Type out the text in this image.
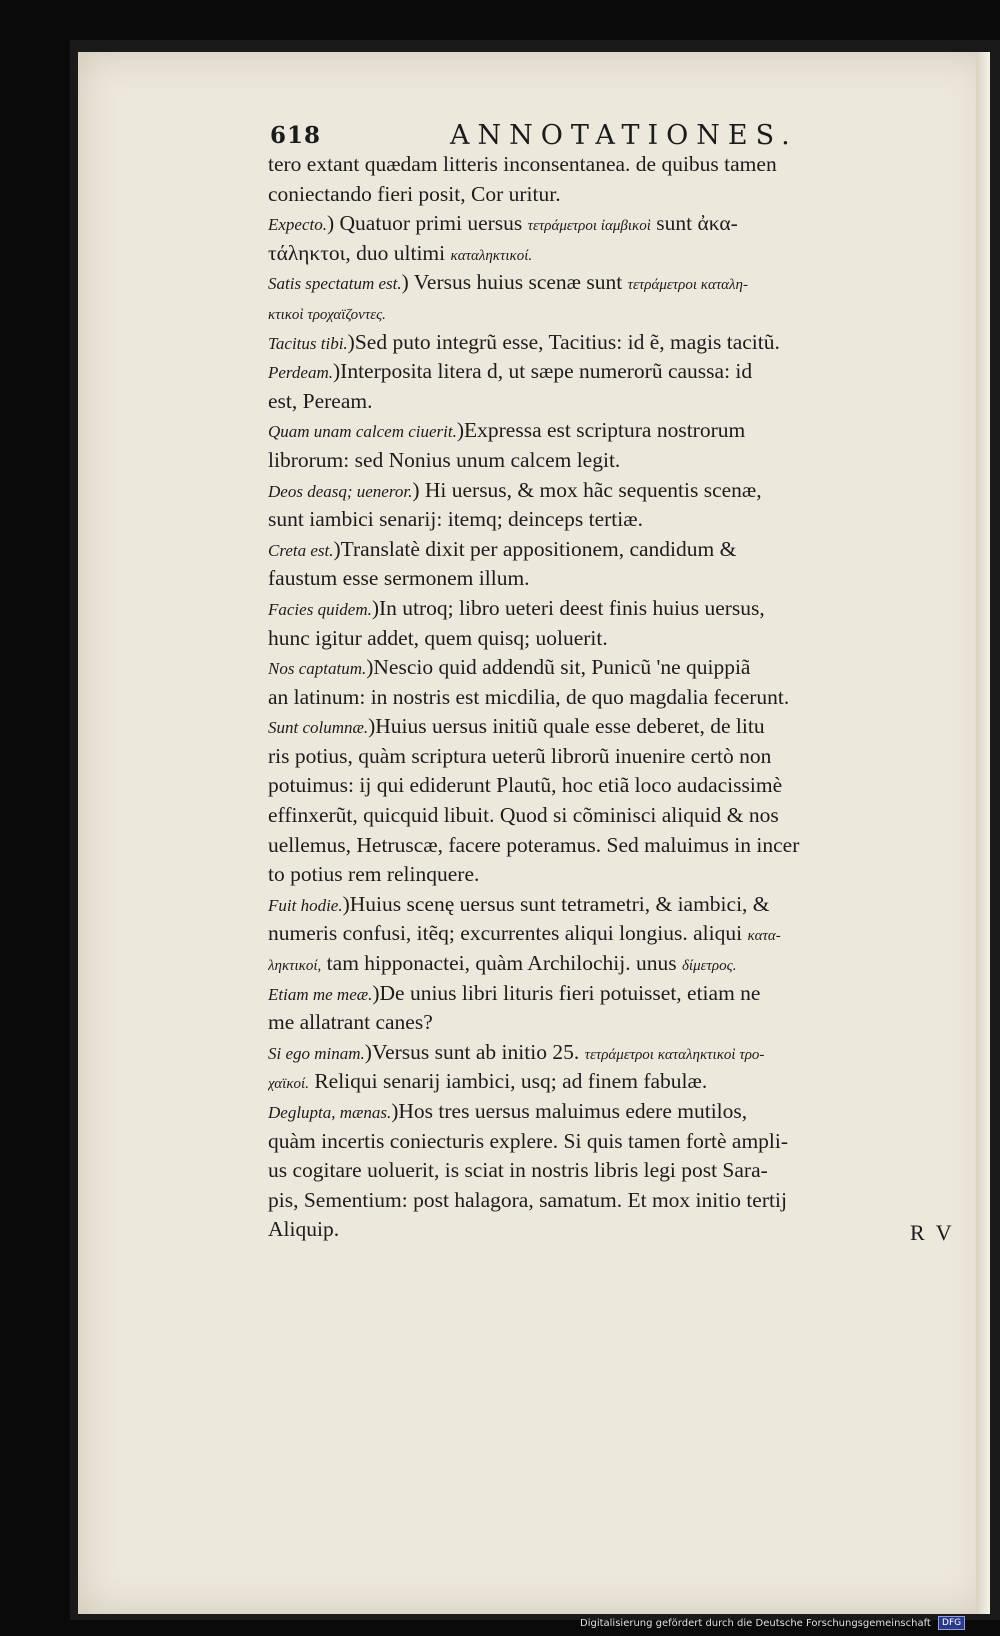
618	ANNOTATIONES.
tero extant quædam litteris inconsentanea. de quibus tamen
coniectando fieri posit, Cor uritur.
Expecto.) Quatuor primi uersus τετράμετροι ἰαμβικοὶ sunt ἀκα-
τάληκτοι, duo ultimi καταληκτικοί.
Satis spectatum est.) Versus huius scenæ sunt τετράμετροι καταλη-
κτικοὶ τροχαϊζοντες.
Tacitus tibi.)Sed puto integrũ esse, Tacitius: id ẽ, magis tacitũ.
Perdeam.)Interposita litera d, ut sæpe numerorũ caussa: id
est, Peream.
Quam unam calcem ciuerit.)Expressa est scriptura nostrorum
librorum: sed Nonius unum calcem legit.
Deos deasq; ueneror.) Hi uersus, & mox hãc sequentis scenæ,
sunt iambici senarij: itemq; deinceps tertiæ.
Creta est.)Translatè dixit per appositionem, candidum &
faustum esse sermonem illum.
Facies quidem.)In utroq; libro ueteri deest finis huius uersus,
hunc igitur addet, quem quisq; uoluerit.
Nos captatum.)Nescio quid addendũ sit, Punicũ 'ne quippiã
an latinum: in nostris est micdilia, de quo magdalia fecerunt.
Sunt columnæ.)Huius uersus initiũ quale esse deberet, de litu
ris potius, quàm scriptura ueterũ librorũ inuenire certò non
potuimus: ij qui ediderunt Plautũ, hoc etiã loco audacissimè
effinxerũt, quicquid libuit. Quod si cõminisci aliquid & nos
uellemus, Hetruscæ, facere poteramus. Sed maluimus in incer
to potius rem relinquere.
Fuit hodie.)Huius scenę uersus sunt tetrametri, & iambici, &
numeris confusi, itẽq; excurrentes aliqui longius. aliqui κατα-
ληκτικοί, tam hipponactei, quàm Archilochij. unus δίμετρος.
Etiam me meæ.)De unius libri lituris fieri potuisset, etiam ne
me allatrant canes?
Si ego minam.)Versus sunt ab initio 25. τετράμετροι καταληκτικοὶ τρο-
χαϊκοί. Reliqui senarij iambici, usq; ad finem fabulæ.
Deglupta, mænas.)Hos tres uersus maluimus edere mutilos,
quàm incertis coniecturis explere. Si quis tamen fortè ampli-
us cogitare uoluerit, is sciat in nostris libris legi post Sara-
pis, Sementium: post halagora, samatum. Et mox initio tertij
Aliquip.	R V
Digitalisierung gefördert durch die Deutsche Forschungsgemeinschaft DFG
